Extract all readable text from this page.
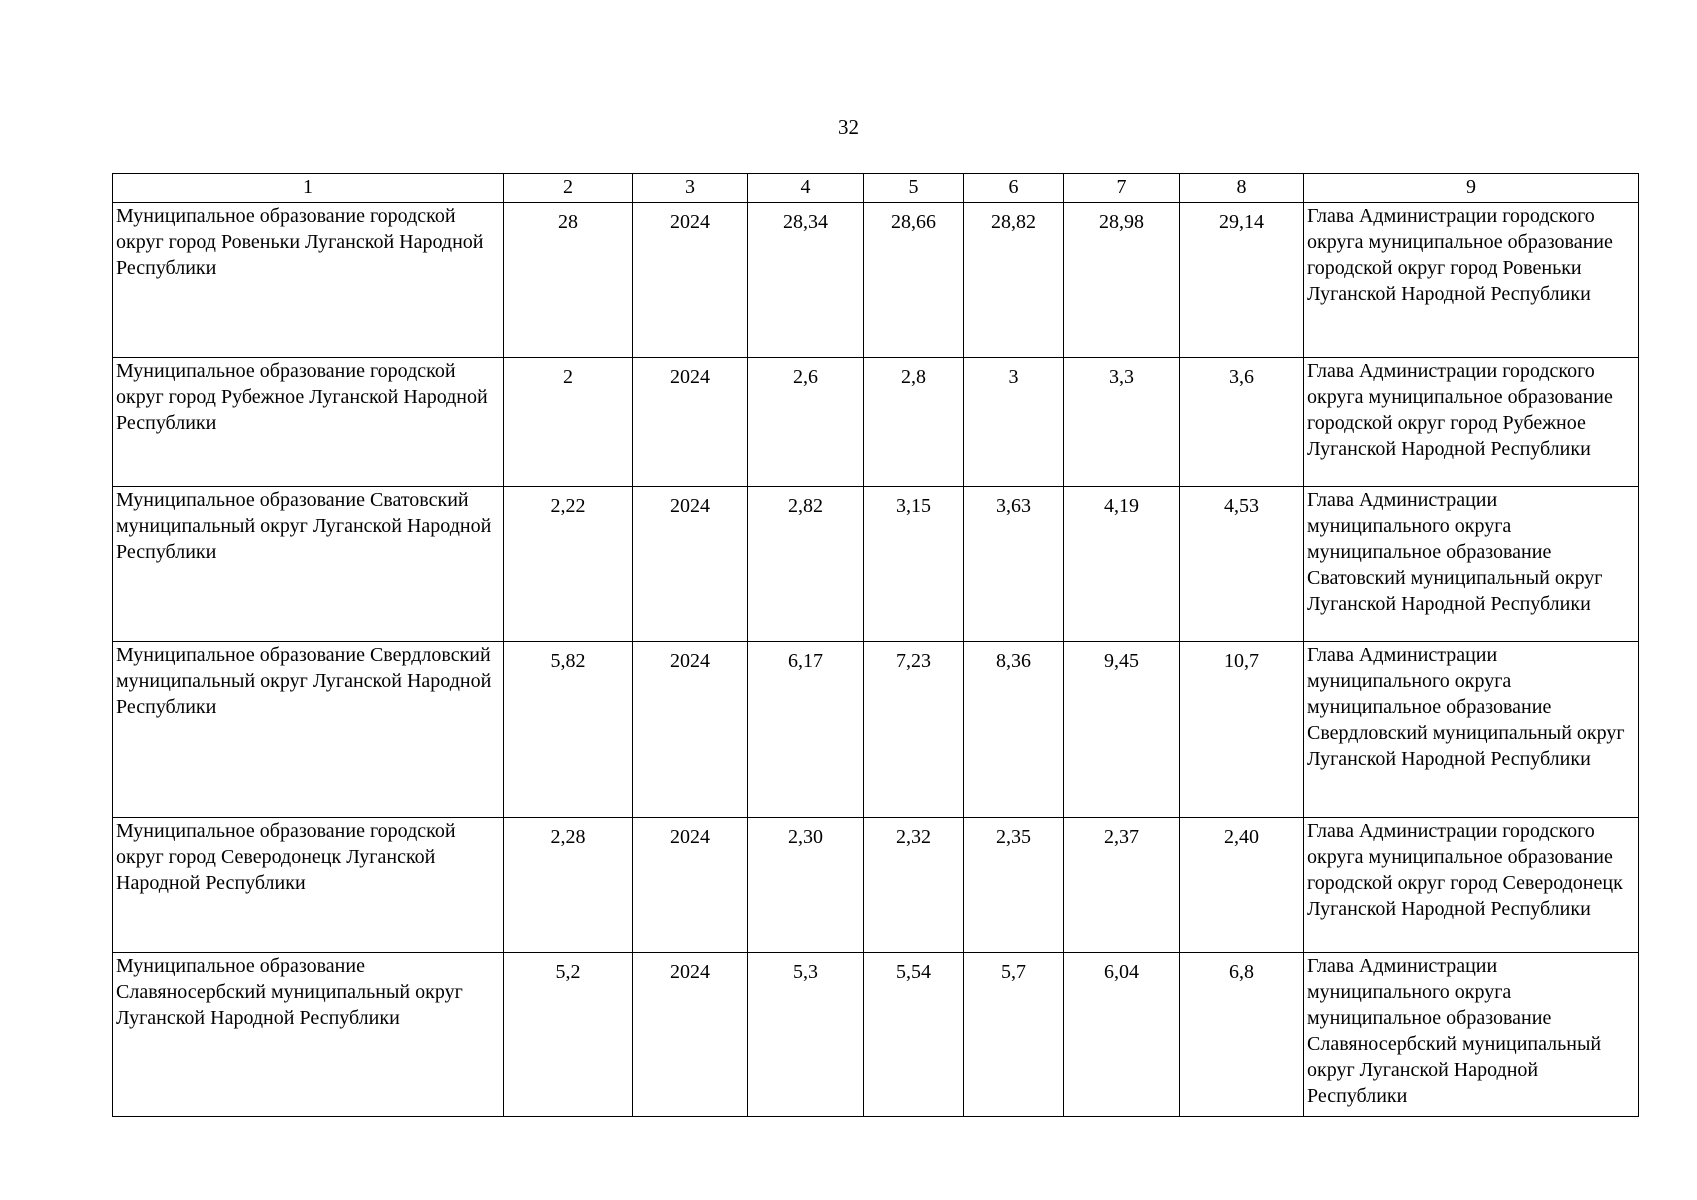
32
1	2	3	4	5	6	7	8	9
Муниципальное образование городской округ город Ровеньки Луганской Народной Республики	28	2024	28,34	28,66	28,82	28,98	29,14	Глава Администрации городского округа муниципальное образование городской округ город Ровеньки Луганской Народной Республики
Муниципальное образование городской округ город Рубежное Луганской Народной Республики	2	2024	2,6	2,8	3	3,3	3,6	Глава Администрации городского округа муниципальное образование городской округ город Рубежное Луганской Народной Республики
Муниципальное образование Сватовский муниципальный округ Луганской Народной Республики	2,22	2024	2,82	3,15	3,63	4,19	4,53	Глава Администрации муниципального округа муниципальное образование Сватовский муниципальный округ Луганской Народной Республики
Муниципальное образование Свердловский муниципальный округ Луганской Народной Республики	5,82	2024	6,17	7,23	8,36	9,45	10,7	Глава Администрации муниципального округа муниципальное образование Свердловский муниципальный округ Луганской Народной Республики
Муниципальное образование городской округ город Северодонецк Луганской Народной Республики	2,28	2024	2,30	2,32	2,35	2,37	2,40	Глава Администрации городского округа муниципальное образование городской округ город Северодонецк Луганской Народной Республики
Муниципальное образование Славяносербский муниципальный округ Луганской Народной Республики	5,2	2024	5,3	5,54	5,7	6,04	6,8	Глава Администрации муниципального округа муниципальное образование Славяносербский муниципальный округ Луганской Народной Республики
